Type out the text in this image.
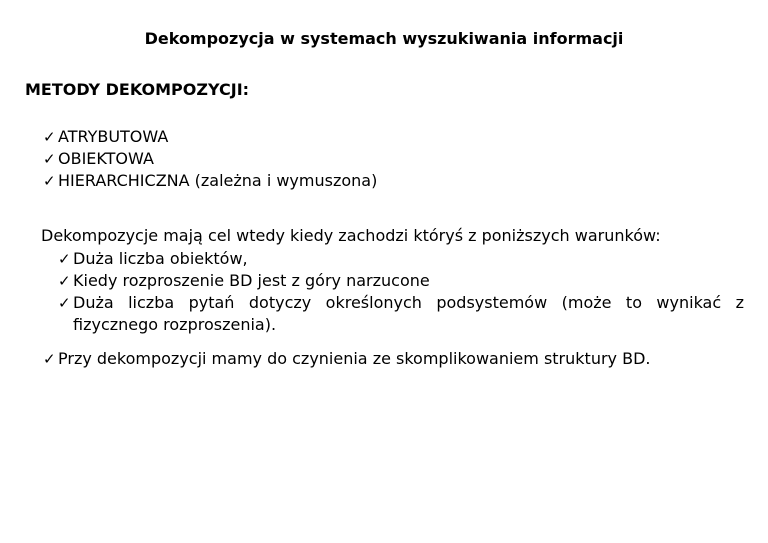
Dekompozycja w systemach wyszukiwania informacji
METODY DEKOMPOZYCJI:
✓ ATRYBUTOWA
✓ OBIEKTOWA
✓ HIERARCHICZNA (zależna i wymuszona)
Dekompozycje mają cel wtedy kiedy zachodzi któryś z poniższych warunków:
✓ Duża liczba obiektów,
✓ Kiedy rozproszenie BD jest z góry narzucone
✓ Duża liczba pytań dotyczy określonych podsystemów (może to wynikać z fizycznego rozproszenia).
✓ Przy dekompozycji mamy do czynienia ze skomplikowaniem struktury BD.
